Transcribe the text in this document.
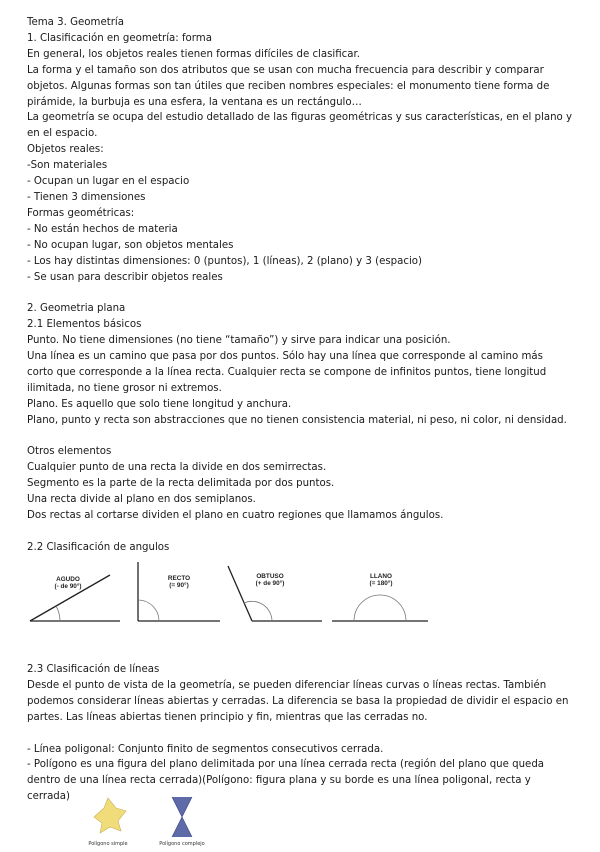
Tema 3. Geometría
1. Clasificación en geometría: forma
En general, los objetos reales tienen formas difíciles de clasificar.
La forma y el tamaño son dos atributos que se usan con mucha frecuencia para describir y comparar
objetos. Algunas formas son tan útiles que reciben nombres especiales: el monumento tiene forma de
pirámide, la burbuja es una esfera, la ventana es un rectángulo…
La geometría se ocupa del estudio detallado de las figuras geométricas y sus características, en el plano y
en el espacio.
Objetos reales:
-Son materiales
- Ocupan un lugar en el espacio
- Tienen 3 dimensiones
Formas geométricas:
- No están hechos de materia
- No ocupan lugar, son objetos mentales
- Los hay distintas dimensiones: 0 (puntos), 1 (líneas), 2 (plano) y 3 (espacio)
- Se usan para describir objetos reales
2. Geometria plana
2.1 Elementos básicos
Punto. No tiene dimensiones (no tiene “tamaño”) y sirve para indicar una posición.
Una línea es un camino que pasa por dos puntos. Sólo hay una línea que corresponde al camino más
corto que corresponde a la línea recta. Cualquier recta se compone de infinitos puntos, tiene longitud
ilimitada, no tiene grosor ni extremos.
Plano. Es aquello que solo tiene longitud y anchura.
Plano, punto y recta son abstracciones que no tienen consistencia material, ni peso, ni color, ni densidad.
Otros elementos
Cualquier punto de una recta la divide en dos semirrectas.
Segmento es la parte de la recta delimitada por dos puntos.
Una recta divide al plano en dos semiplanos.
Dos rectas al cortarse dividen el plano en cuatro regiones que llamamos ángulos.
2.2 Clasificación de angulos
AGUDO
(- de 90°)
RECTO
(= 90°)
OBTUSO
(+ de 90°)
LLANO
(= 180°)
2.3 Clasificación de líneas
Desde el punto de vista de la geometría, se pueden diferenciar líneas curvas o líneas rectas. También
podemos considerar líneas abiertas y cerradas. La diferencia se basa la propiedad de dividir el espacio en
partes. Las líneas abiertas tienen principio y fin, mientras que las cerradas no.
- Línea poligonal: Conjunto finito de segmentos consecutivos cerrada.
- Polígono es una figura del plano delimitada por una línea cerrada recta (región del plano que queda
dentro de una línea recta cerrada)(Polígono: figura plana y su borde es una línea poligonal, recta y
cerrada)
Polígono simple	Polígono complejo
